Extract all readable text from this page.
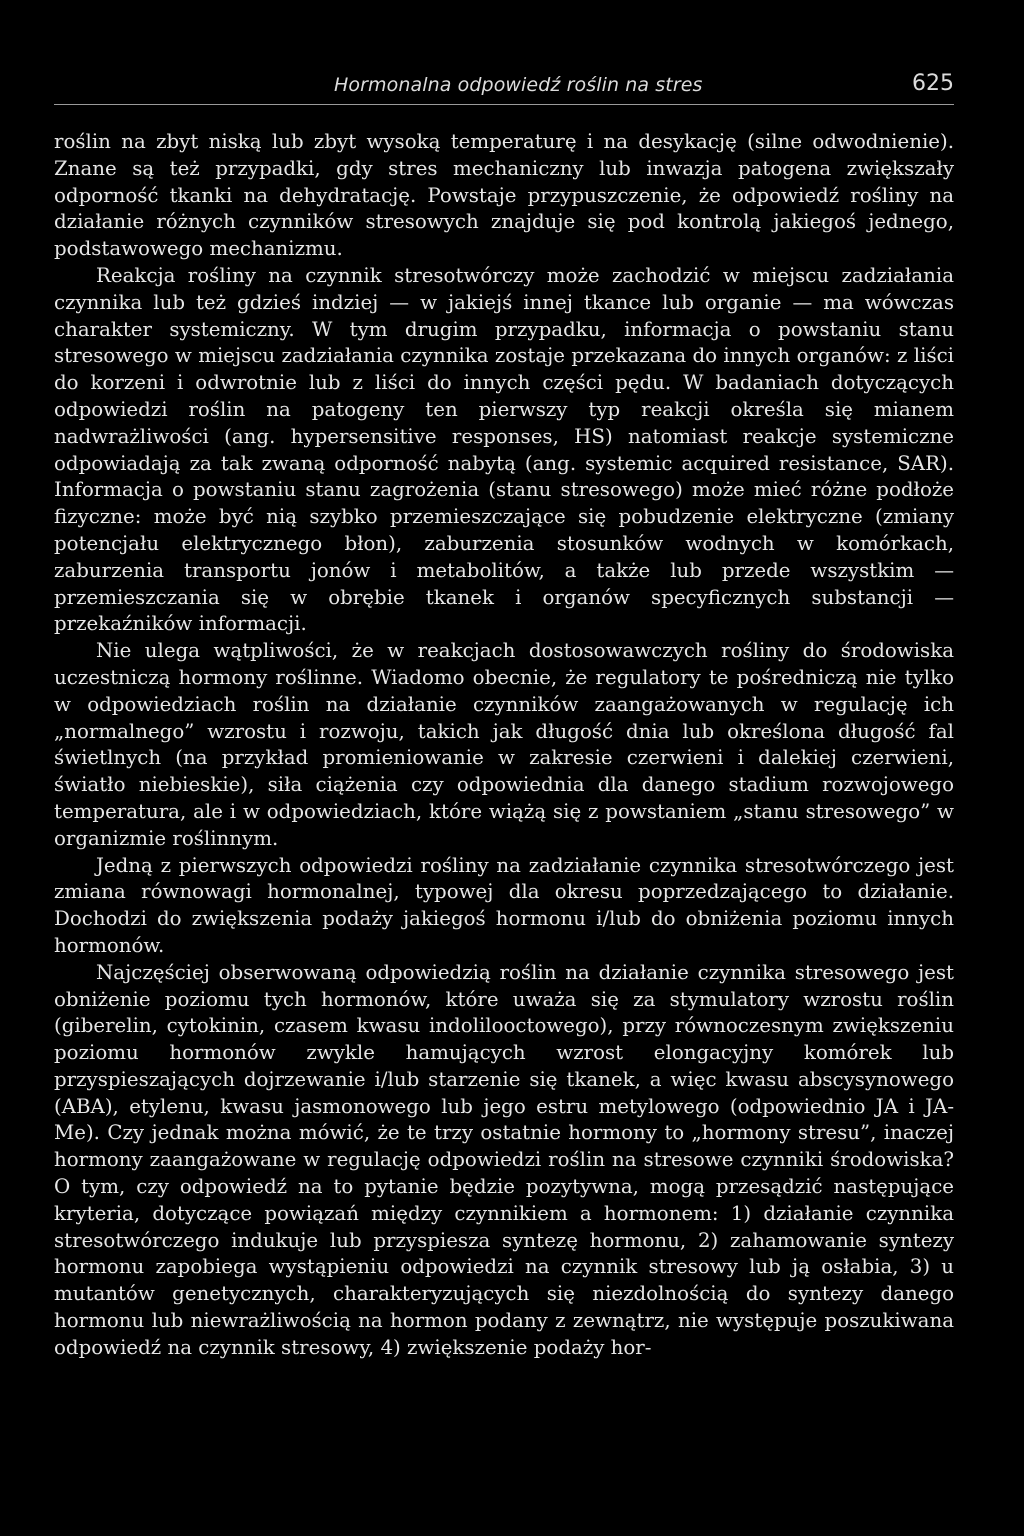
Hormonalna odpowiedź roślin na stres	625

roślin na zbyt niską lub zbyt wysoką temperaturę i na desykację (silne odwodnienie). Znane są też przypadki, gdy stres mechaniczny lub inwazja patogena zwiększały odporność tkanki na dehydratację. Powstaje przypuszczenie, że odpowiedź rośliny na działanie różnych czynników stresowych znajduje się pod kontrolą jakiegoś jednego, podstawowego mechanizmu.

Reakcja rośliny na czynnik stresotwórczy może zachodzić w miejscu zadziałania czynnika lub też gdzieś indziej — w jakiejś innej tkance lub organie — ma wówczas charakter systemiczny. W tym drugim przypadku, informacja o powstaniu stanu stresowego w miejscu zadziałania czynnika zostaje przekazana do innych organów: z liści do korzeni i odwrotnie lub z liści do innych części pędu. W badaniach dotyczących odpowiedzi roślin na patogeny ten pierwszy typ reakcji określa się mianem nadwrażliwości (ang. hypersensitive responses, HS) natomiast reakcje systemiczne odpowiadają za tak zwaną odporność nabytą (ang. systemic acquired resistance, SAR). Informacja o powstaniu stanu zagrożenia (stanu stresowego) może mieć różne podłoże fizyczne: może być nią szybko przemieszczające się pobudzenie elektryczne (zmiany potencjału elektrycznego błon), zaburzenia stosunków wodnych w komórkach, zaburzenia transportu jonów i metabolitów, a także lub przede wszystkim — przemieszczania się w obrębie tkanek i organów specyficznych substancji — przekaźników informacji.

Nie ulega wątpliwości, że w reakcjach dostosowawczych rośliny do środowiska uczestniczą hormony roślinne. Wiadomo obecnie, że regulatory te pośredniczą nie tylko w odpowiedziach roślin na działanie czynników zaangażowanych w regulację ich „normalnego” wzrostu i rozwoju, takich jak długość dnia lub określona długość fal świetlnych (na przykład promieniowanie w zakresie czerwieni i dalekiej czerwieni, światło niebieskie), siła ciążenia czy odpowiednia dla danego stadium rozwojowego temperatura, ale i w odpowiedziach, które wiążą się z powstaniem „stanu stresowego” w organizmie roślinnym.

Jedną z pierwszych odpowiedzi rośliny na zadziałanie czynnika stresotwórczego jest zmiana równowagi hormonalnej, typowej dla okresu poprzedzającego to działanie. Dochodzi do zwiększenia podaży jakiegoś hormonu i/lub do obniżenia poziomu innych hormonów.

Najczęściej obserwowaną odpowiedzią roślin na działanie czynnika stresowego jest obniżenie poziomu tych hormonów, które uważa się za stymulatory wzrostu roślin (giberelin, cytokinin, czasem kwasu indolilooctowego), przy równoczesnym zwiększeniu poziomu hormonów zwykle hamujących wzrost elongacyjny komórek lub przyspieszających dojrzewanie i/lub starzenie się tkanek, a więc kwasu abscysynowego (ABA), etylenu, kwasu jasmonowego lub jego estru metylowego (odpowiednio JA i JA-Me). Czy jednak można mówić, że te trzy ostatnie hormony to „hormony stresu”, inaczej hormony zaangażowane w regulację odpowiedzi roślin na stresowe czynniki środowiska? O tym, czy odpowiedź na to pytanie będzie pozytywna, mogą przesądzić następujące kryteria, dotyczące powiązań między czynnikiem a hormonem: 1) działanie czynnika stresotwórczego indukuje lub przyspiesza syntezę hormonu, 2) zahamowanie syntezy hormonu zapobiega wystąpieniu odpowiedzi na czynnik stresowy lub ją osłabia, 3) u mutantów genetycznych, charakteryzujących się niezdolnością do syntezy danego hormonu lub niewrażliwością na hormon podany z zewnątrz, nie występuje poszukiwana odpowiedź na czynnik stresowy, 4) zwiększenie podaży hor-
